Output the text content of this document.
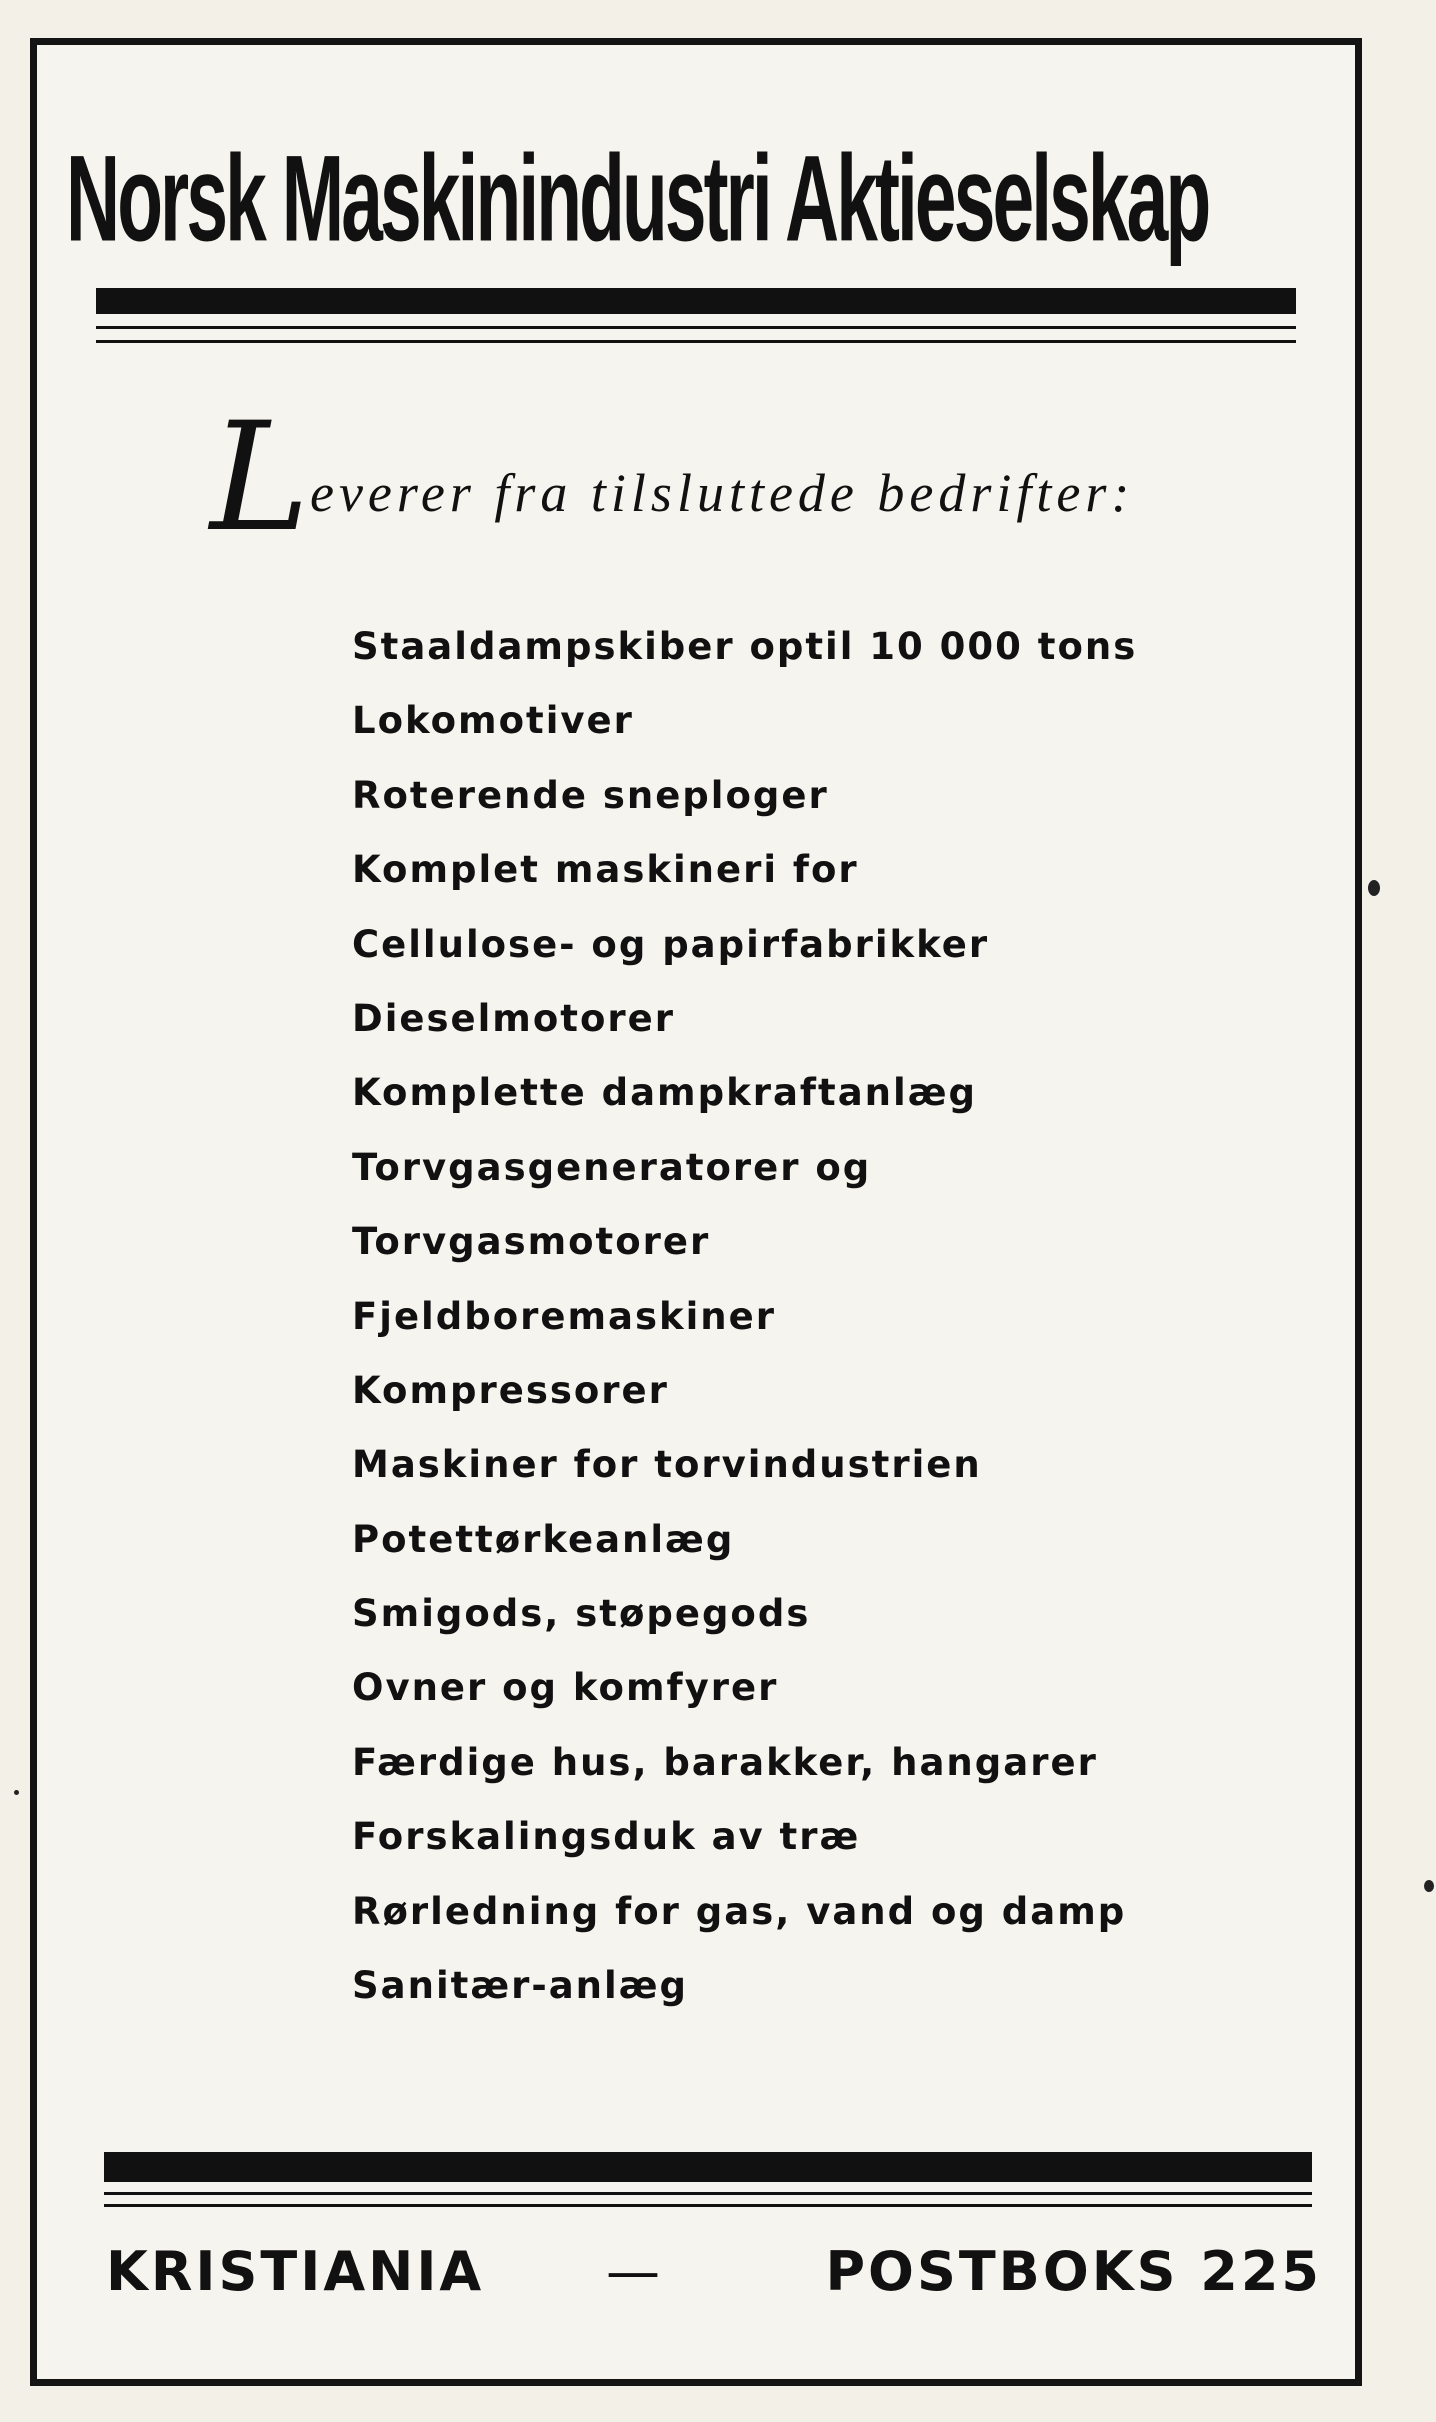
Norsk Maskinindustri Aktieselskap
L everer fra tilsluttede bedrifter:
Staaldampskiber optil 10 000 tons
Lokomotiver
Roterende sneploger
Komplet maskineri for
Cellulose- og papirfabrikker
Dieselmotorer
Komplette dampkraftanlæg
Torvgasgeneratorer og
Torvgasmotorer
Fjeldboremaskiner
Kompressorer
Maskiner for torvindustrien
Potettørkeanlæg
Smigods, støpegods
Ovner og komfyrer
Færdige hus, barakker, hangarer
Forskalingsduk av træ
Rørledning for gas, vand og damp
Sanitær-anlæg
KRISTIANIA —	POSTBOKS 225
